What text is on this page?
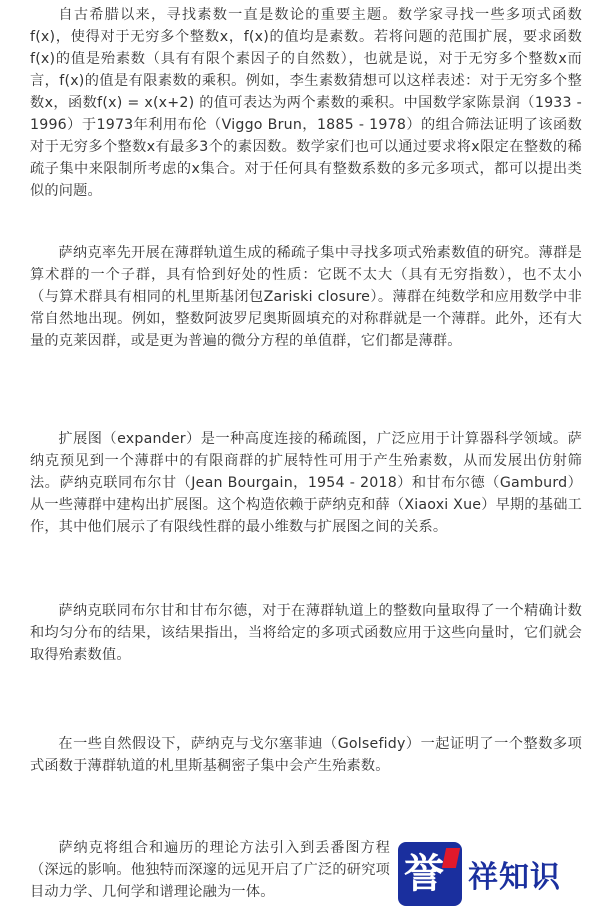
自古希腊以来，寻找素数一直是数论的重要主题。数学家寻找一些多项式函数f(x)，使得对于无穷多个整数x，f(x)的值均是素数。若将问题的范围扩展，要求函数f(x)的值是殆素数（具有有限个素因子的自然数），也就是说，对于无穷多个整数x而言，f(x)的值是有限素数的乘积。例如，李生素数猜想可以这样表述：对于无穷多个整数x，函数f(x) = x(x+2) 的值可表达为两个素数的乘积。中国数学家陈景润（1933 - 1996）于1973年利用布伦（Viggo Brun，1885 - 1978）的组合筛法证明了该函数对于无穷多个整数x有最多3个的素因数。数学家们也可以通过要求将x限定在整数的稀疏子集中来限制所考虑的x集合。对于任何具有整数系数的多元多项式，都可以提出类似的问题。

萨纳克率先开展在薄群轨道生成的稀疏子集中寻找多项式殆素数值的研究。薄群是算术群的一个子群，具有恰到好处的性质：它既不太大（具有无穷指数），也不太小（与算术群具有相同的札里斯基闭包Zariski closure）。薄群在纯数学和应用数学中非常自然地出现。例如，整数阿波罗尼奥斯圆填充的对称群就是一个薄群。此外，还有大量的克莱因群，或是更为普遍的微分方程的单值群，它们都是薄群。

扩展图（expander）是一种高度连接的稀疏图，广泛应用于计算器科学领域。萨纳克预见到一个薄群中的有限商群的扩展特性可用于产生殆素数，从而发展出仿射筛法。萨纳克联同布尔甘（Jean Bourgain，1954 - 2018）和甘布尔德（Gamburd）从一些薄群中建构出扩展图。这个构造依赖于萨纳克和薛（Xiaoxi Xue）早期的基础工作，其中他们展示了有限线性群的最小维数与扩展图之间的关系。

萨纳克联同布尔甘和甘布尔德，对于在薄群轨道上的整数向量取得了一个精确计数和均匀分布的结果，该结果指出，当将给定的多项式函数应用于这些向量时，它们就会取得殆素数值。

在一些自然假设下，萨纳克与戈尔塞菲迪（Golsefidy）一起证明了一个整数多项式函数于薄群轨道的札里斯基稠密子集中会产生殆素数。

萨纳克将组合和遍历的理论方法引入到丢番图方程（深远的影响。他独特而深邃的远见开启了广泛的研究项目动力学、几何学和谱理论融为一体。	誉 祥知识
